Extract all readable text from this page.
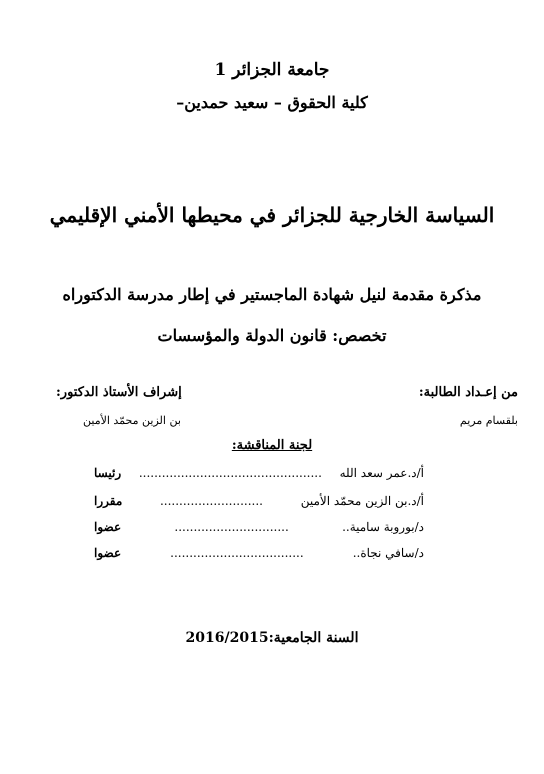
جامعة الجزائر 1
كلية الحقوق – سعيد حمدين–
السياسة الخارجية للجزائر في محيطها الأمني الإقليمي
مذكرة مقدمة لنيل شهادة الماجستير في إطار مدرسة الدكتوراه
تخصص: قانون الدولة والمؤسسات
من إعـداد الطالبة:
بلقسام مريم
إشراف الأستاذ الدكتور:
بن الزين محمّد الأمين
لجنة المناقشة:
أ/د.عمر سعد الله
................................................
رئيسا
أ/د.بن الزين محمّد الأمين
...........................
مقررا
د/بوروبة سامية..
..............................
عضوا
د/سافي نجاة..
...................................
عضوا
السنة الجامعية:2016/2015
